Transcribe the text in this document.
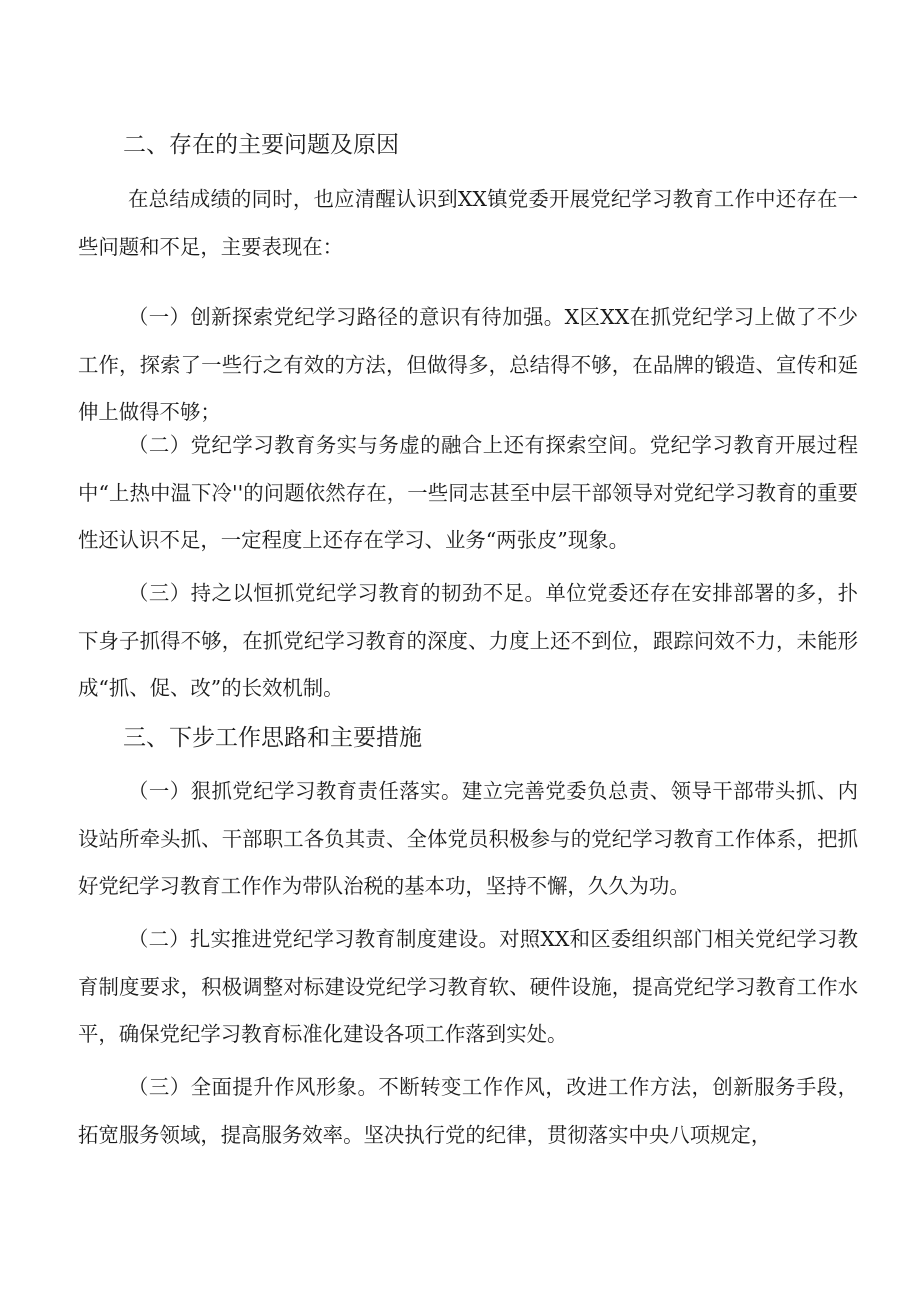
二、存在的主要问题及原因

在总结成绩的同时，也应清醒认识到XX镇党委开展党纪学习教育工作中还存在一些问题和不足，主要表现在：

（一）创新探索党纪学习路径的意识有待加强。X区XX在抓党纪学习上做了不少工作，探索了一些行之有效的方法，但做得多，总结得不够，在品牌的锻造、宣传和延伸上做得不够；

（二）党纪学习教育务实与务虚的融合上还有探索空间。党纪学习教育开展过程中“上热中温下冷''的问题依然存在，一些同志甚至中层干部领导对党纪学习教育的重要性还认识不足，一定程度上还存在学习、业务“两张皮”现象。

（三）持之以恒抓党纪学习教育的韧劲不足。单位党委还存在安排部署的多，扑下身子抓得不够，在抓党纪学习教育的深度、力度上还不到位，跟踪问效不力，未能形成“抓、促、改”的长效机制。

三、下步工作思路和主要措施

（一）狠抓党纪学习教育责任落实。建立完善党委负总责、领导干部带头抓、内设站所牵头抓、干部职工各负其责、全体党员积极参与的党纪学习教育工作体系，把抓好党纪学习教育工作作为带队治税的基本功，坚持不懈，久久为功。

（二）扎实推进党纪学习教育制度建设。对照XX和区委组织部门相关党纪学习教育制度要求，积极调整对标建设党纪学习教育软、硬件设施，提高党纪学习教育工作水平，确保党纪学习教育标准化建设各项工作落到实处。

（三）全面提升作风形象。不断转变工作作风，改进工作方法，创新服务手段，拓宽服务领域，提高服务效率。坚决执行党的纪律，贯彻落实中央八项规定，
